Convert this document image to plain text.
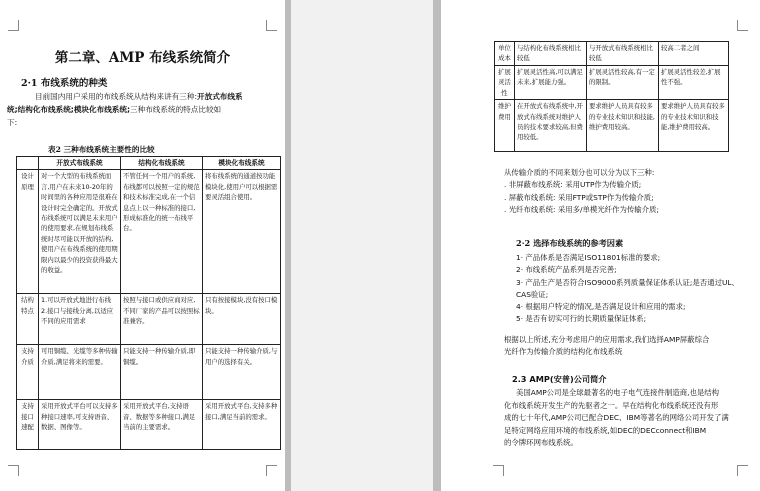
第二章、AMP 布线系统简介
2·1 布线系统的种类
目前国内用户采用的布线系统从结构来讲有三种:开放式布线系
统;结构化布线系统;模块化布线系统;三种布线系统的特点比较如
下:
表2 三种布线系统主要性的比较
	开放式布线系统	结构化布线系统	模块化布线系统
设计原理	对一个大型的布线系统而言,用户在未来10-20年的时间里的各种应用是很难在设计时完全确定的。开放式布线系统可以满足未来用户的使用要求,在规划布线系统时尽可能以开放的结构,使用户在布线系统的使用期限内以最少的投资获得最大的收益。	不管任何一个用户的系统,布线都可以按照一定的规范和技术标准完成,在一个信息点上以一种标准的接口,形成标准化的统一布线平台。	将布线系统的通道按功能模块化,使用户可以根据需要灵活组合使用。
结构特点	1.可以开放式地进行布线 2.接口与接线分离,以适应不同的应用需求	按照与接口或供应商对应,不同厂家的产品可以按照标准兼容。	只有按接模块,没有按口模块。
支持介质	可用铜缆、光缆等多种传输介质,满足将来的需要。	只能支持一种传输介质,即铜缆。	只能支持一种传输介质,与用户的选择有关。
支持接口速配	采用开放式平台可以支持多种接口速率,可支持语音、数据、图像等。	采用开放式平台,支持语音、数据等多种接口,满足当前的主要需求。	采用开放式平台,支持多种接口,满足当前的需求。
单位成本	与结构化布线系统相比较低	与开放式布线系统相比较低	较高二者之间
扩展灵活性	扩展灵活性高,可以满足未来,扩展能力强。	扩展灵活性较高,有一定的限制。	扩展灵活性较差,扩展性不强。
维护费用	在开放式布线系统中,开放式布线系统对维护人员的技术要求较高,但费用较低。	要求维护人员具有较多的专业技术知识和技能,维护费用较高。	要求维护人员具有较多的专业技术知识和技能,维护费用较高。
从传输介质的不同来划分也可以分为以下三种:
. 非屏蔽布线系统: 采用UTP作为传输介质;
. 屏蔽布线系统: 采用FTP或STP作为传输介质;
. 光纤布线系统: 采用多/单模光纤作为传输介质;
2·2 选择布线系统的参考因素
1· 产品体系是否满足ISO11801标准的要求;
2· 布线系统产品系列是否完善;
3· 产品生产是否符合ISO9000系列质量保证体系认证;是否通过UL、CAS验证;
4· 根据用户特定的情况,是否满足设计和应用的需求;
5· 是否有切实可行的长期质量保证体系;
根据以上所述,充分考虑用户的应用需求,我们选择AMP屏蔽综合
光纤作为传输介质的结构化布线系统
2.3 AMP(安普)公司简介
美国AMP公司是全球最著名的电子电气连接件制造商,也是结构
化布线系统开发生产的先驱者之一。早在结构化布线系统还没有形
成的七十年代,AMP公司已配合DEC、IBM等著名的网络公司开发了满
足特定网络应用环境的布线系统,如DEC的DECconnect和IBM
的令牌环网布线系统。
